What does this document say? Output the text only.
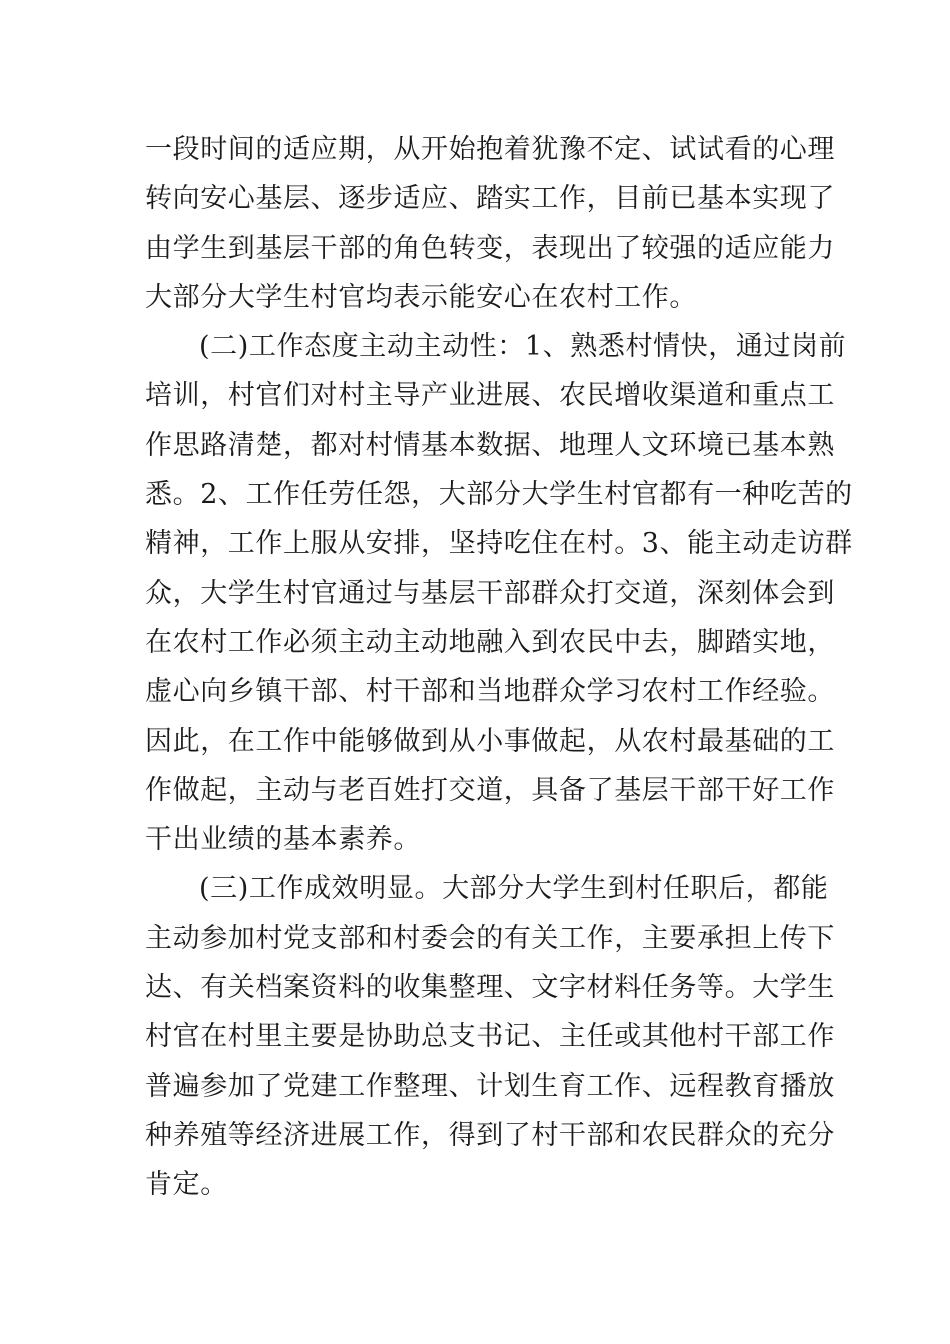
一段时间的适应期，从开始抱着犹豫不定、试试看的心理
转向安心基层、逐步适应、踏实工作，目前已基本实现了
由学生到基层干部的角色转变，表现出了较强的适应能力
大部分大学生村官均表示能安心在农村工作。
(二)工作态度主动主动性：1、熟悉村情快，通过岗前
培训，村官们对村主导产业进展、农民增收渠道和重点工
作思路清楚，都对村情基本数据、地理人文环境已基本熟
悉。2、工作任劳任怨，大部分大学生村官都有一种吃苦的
精神，工作上服从安排，坚持吃住在村。3、能主动走访群
众，大学生村官通过与基层干部群众打交道，深刻体会到
在农村工作必须主动主动地融入到农民中去，脚踏实地，
虚心向乡镇干部、村干部和当地群众学习农村工作经验。
因此，在工作中能够做到从小事做起，从农村最基础的工
作做起，主动与老百姓打交道，具备了基层干部干好工作
干出业绩的基本素养。
(三)工作成效明显。大部分大学生到村任职后，都能
主动参加村党支部和村委会的有关工作，主要承担上传下
达、有关档案资料的收集整理、文字材料任务等。大学生
村官在村里主要是协助总支书记、主任或其他村干部工作
普遍参加了党建工作整理、计划生育工作、远程教育播放
种养殖等经济进展工作，得到了村干部和农民群众的充分
肯定。
